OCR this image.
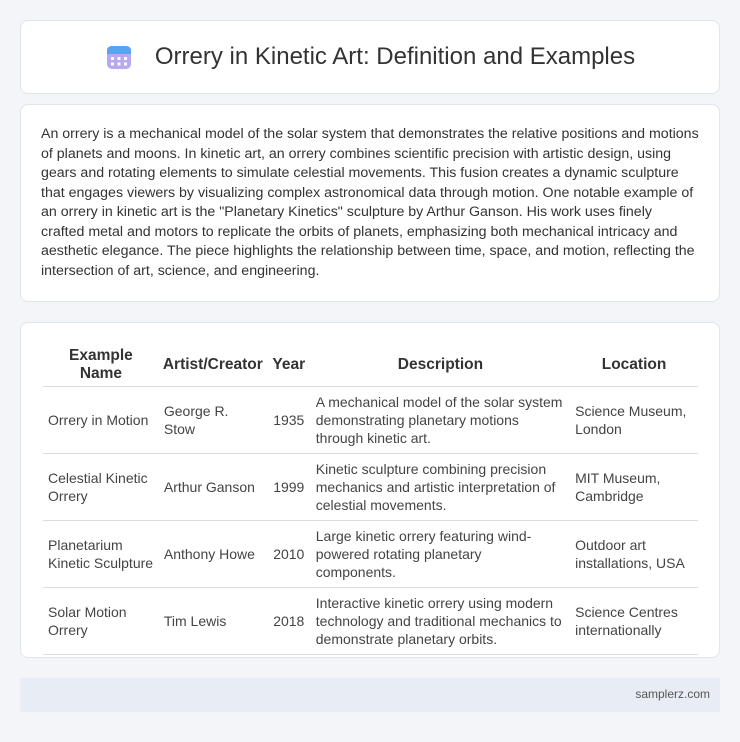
Orrery in Kinetic Art: Definition and Examples

An orrery is a mechanical model of the solar system that demonstrates the relative positions and motions of planets and moons. In kinetic art, an orrery combines scientific precision with artistic design, using gears and rotating elements to simulate celestial movements. This fusion creates a dynamic sculpture that engages viewers by visualizing complex astronomical data through motion. One notable example of an orrery in kinetic art is the "Planetary Kinetics" sculpture by Arthur Ganson. His work uses finely crafted metal and motors to replicate the orbits of planets, emphasizing both mechanical intricacy and aesthetic elegance. The piece highlights the relationship between time, space, and motion, reflecting the intersection of art, science, and engineering.

Example Name	Artist/Creator	Year	Description	Location
Orrery in Motion	George R. Stow	1935	A mechanical model of the solar system demonstrating planetary motions through kinetic art.	Science Museum, London
Celestial Kinetic Orrery	Arthur Ganson	1999	Kinetic sculpture combining precision mechanics and artistic interpretation of celestial movements.	MIT Museum, Cambridge
Planetarium Kinetic Sculpture	Anthony Howe	2010	Large kinetic orrery featuring wind-powered rotating planetary components.	Outdoor art installations, USA
Solar Motion Orrery	Tim Lewis	2018	Interactive kinetic orrery using modern technology and traditional mechanics to demonstrate planetary orbits.	Science Centres internationally
samplerz.com
